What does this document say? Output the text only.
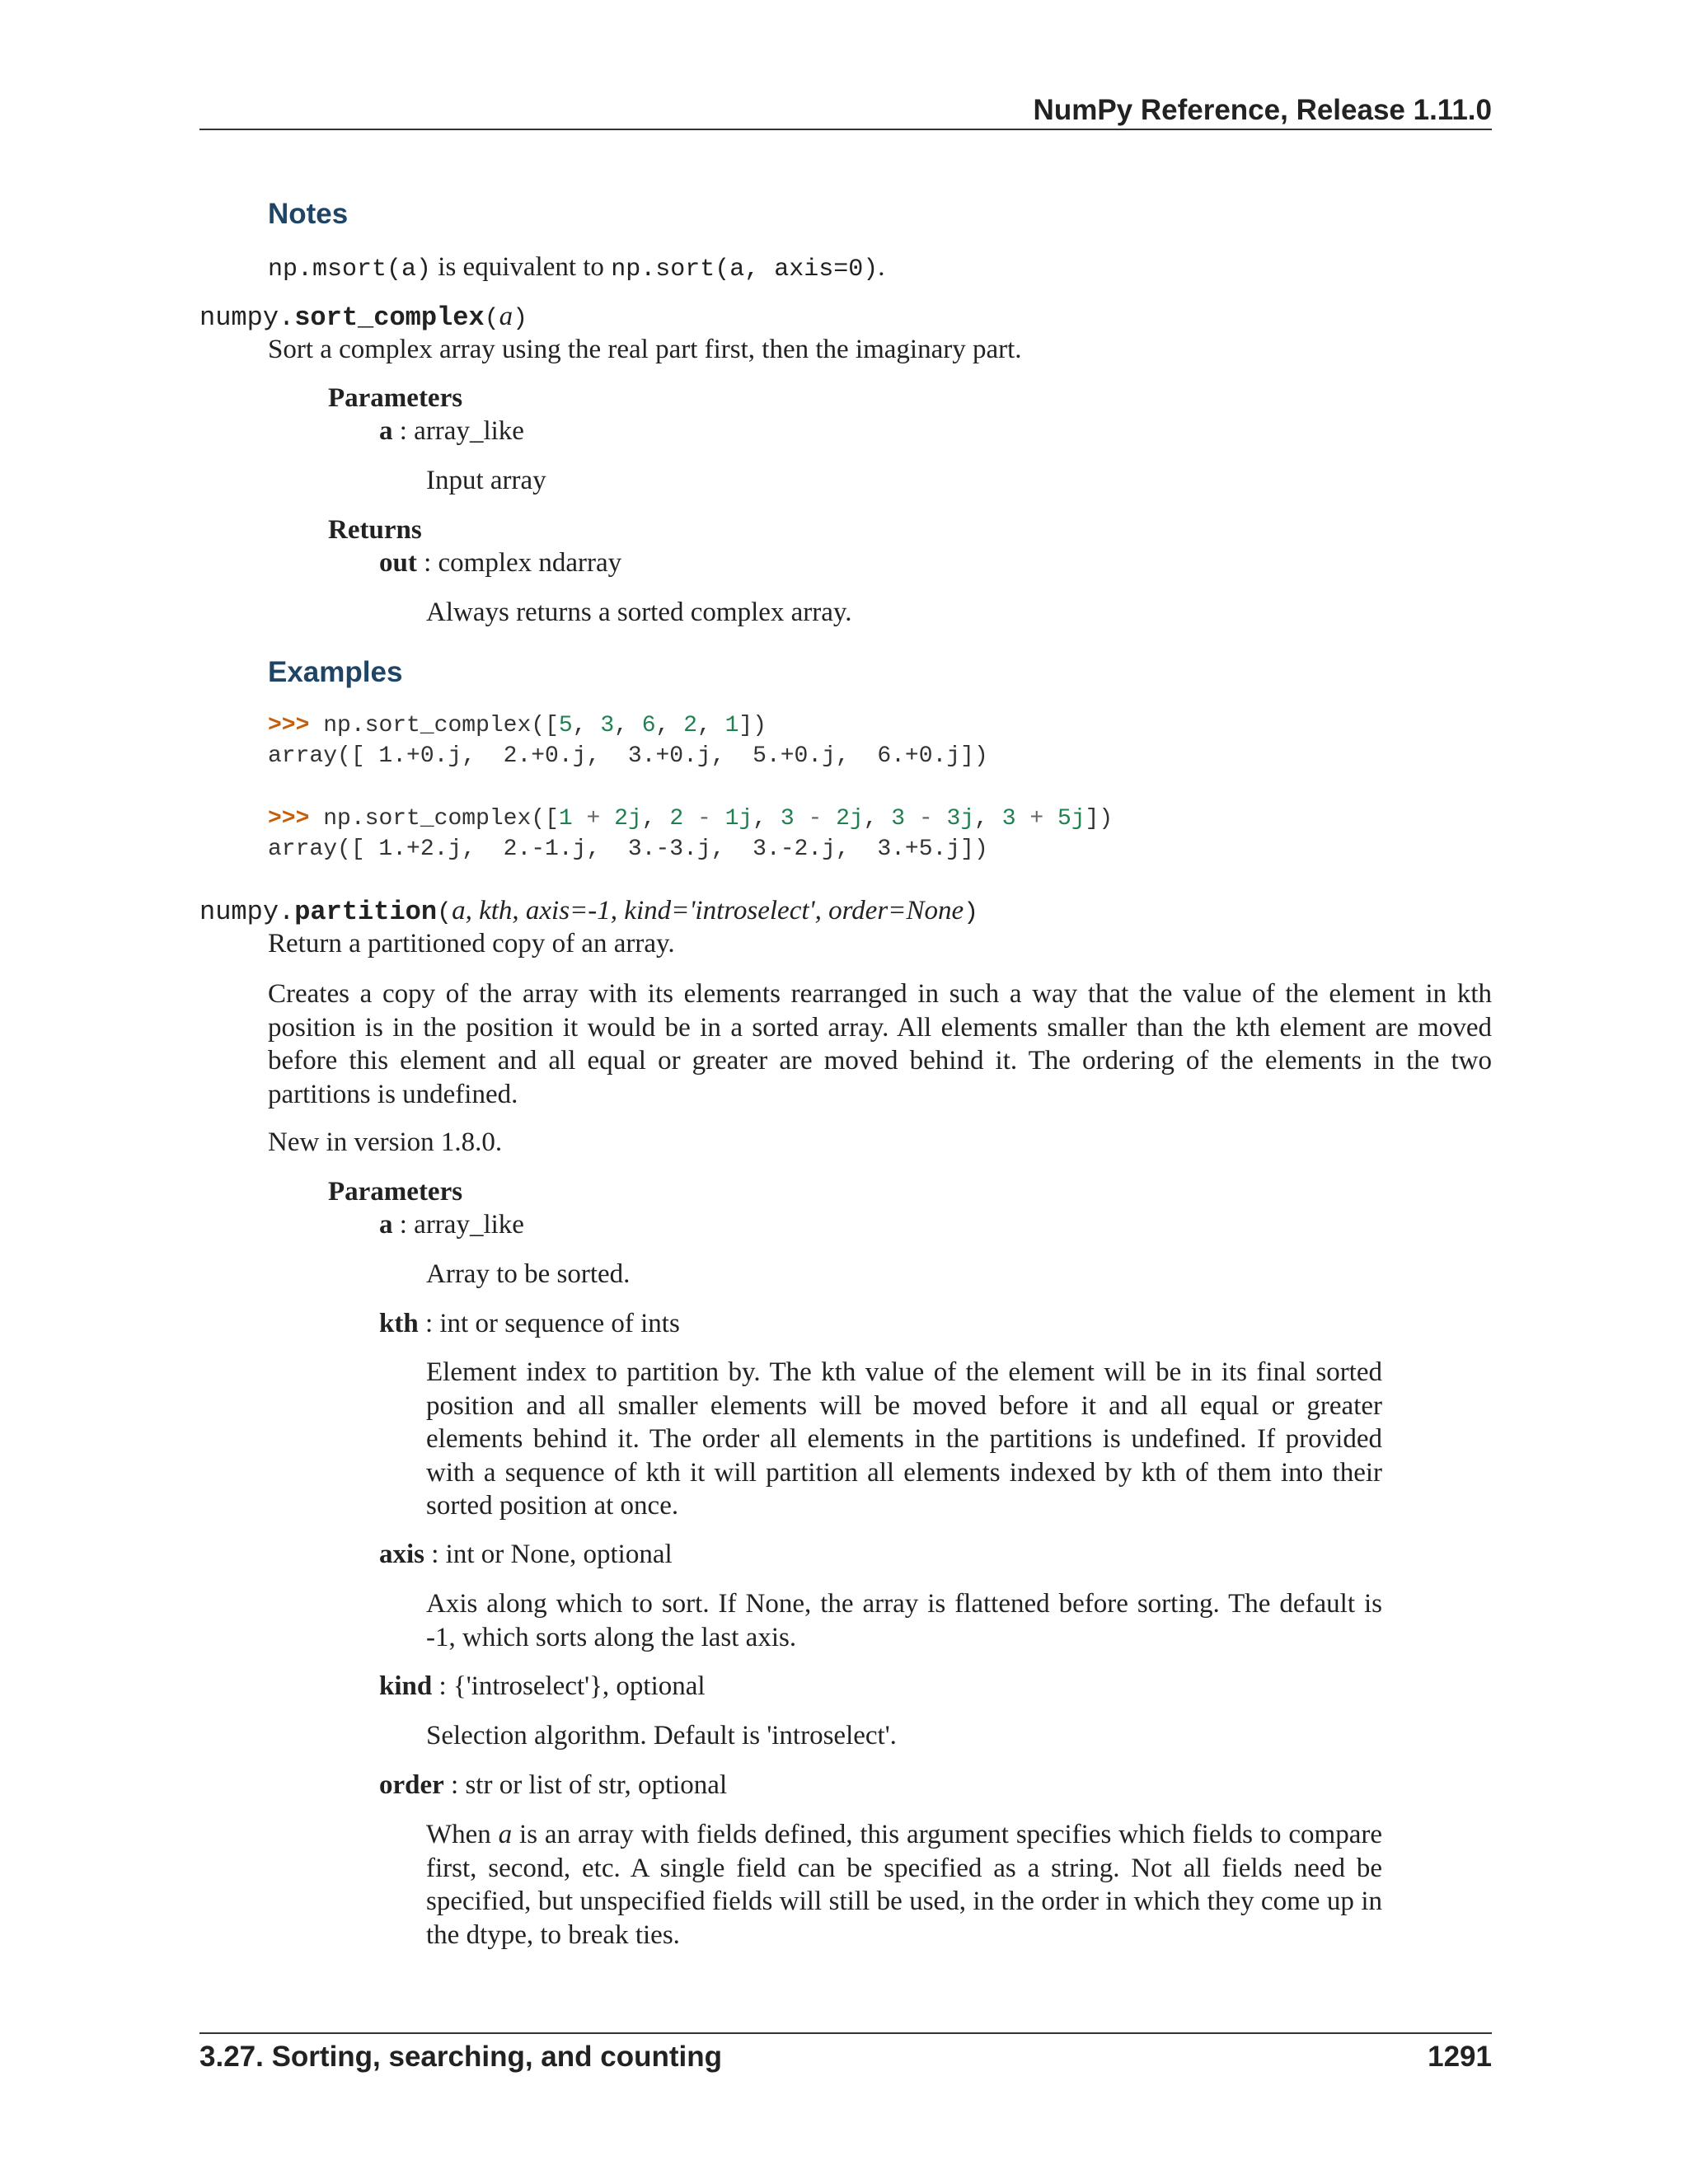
NumPy Reference, Release 1.11.0
Notes
np.msort(a) is equivalent to np.sort(a, axis=0).
numpy.sort_complex(a)
Sort a complex array using the real part first, then the imaginary part.
Parameters
a : array_like
Input array
Returns
out : complex ndarray
Always returns a sorted complex array.
Examples
>>> np.sort_complex([5, 3, 6, 2, 1])
array([ 1.+0.j,  2.+0.j,  3.+0.j,  5.+0.j,  6.+0.j])
>>> np.sort_complex([1 + 2j, 2 - 1j, 3 - 2j, 3 - 3j, 3 + 5j])
array([ 1.+2.j,  2.-1.j,  3.-3.j,  3.-2.j,  3.+5.j])
numpy.partition(a, kth, axis=-1, kind='introselect', order=None)
Return a partitioned copy of an array.
Creates a copy of the array with its elements rearranged in such a way that the value of the element in kth position is in the position it would be in a sorted array. All elements smaller than the kth element are moved before this element and all equal or greater are moved behind it. The ordering of the elements in the two partitions is undefined.
New in version 1.8.0.
Parameters
a : array_like
Array to be sorted.
kth : int or sequence of ints
Element index to partition by. The kth value of the element will be in its final sorted position and all smaller elements will be moved before it and all equal or greater elements behind it. The order all elements in the partitions is undefined. If provided with a sequence of kth it will partition all elements indexed by kth of them into their sorted position at once.
axis : int or None, optional
Axis along which to sort. If None, the array is flattened before sorting. The default is -1, which sorts along the last axis.
kind : {'introselect'}, optional
Selection algorithm. Default is 'introselect'.
order : str or list of str, optional
When a is an array with fields defined, this argument specifies which fields to compare first, second, etc. A single field can be specified as a string. Not all fields need be specified, but unspecified fields will still be used, in the order in which they come up in the dtype, to break ties.
3.27. Sorting, searching, and counting	1291
